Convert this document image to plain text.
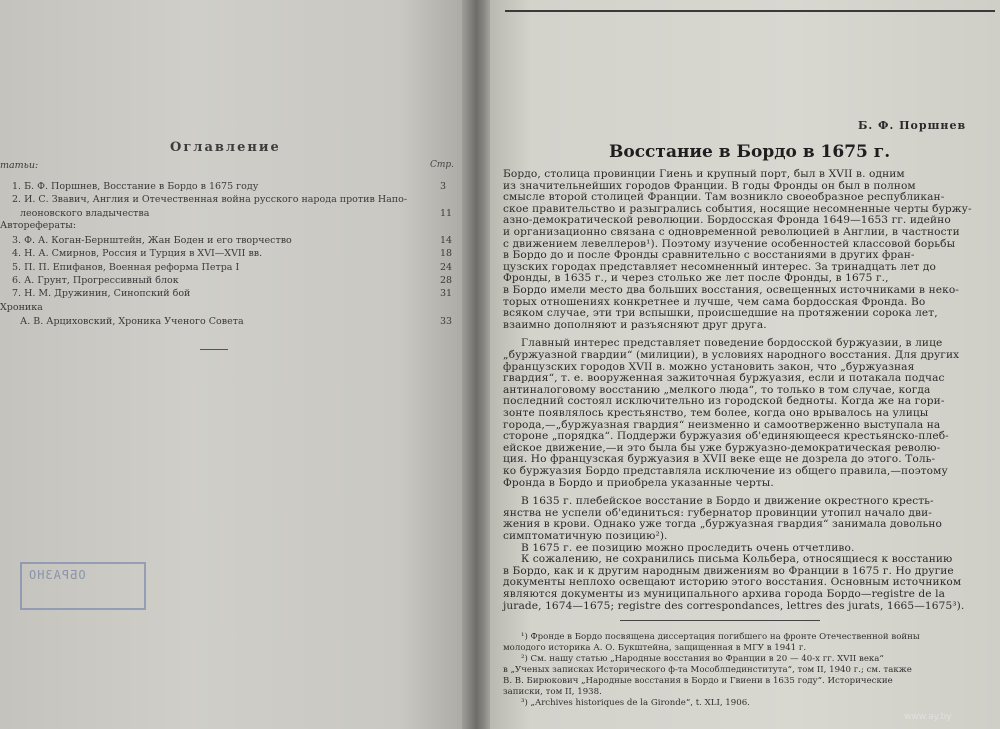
Оглавление
татьи:	Стр.
1. Б. Ф. Поршнев, Восстание в Бордо в 1675 году	3
2. И. С. Звавич, Англия и Отечественная война русского народа против Напо-
леоновского владычества	11
Авторефераты:
3. Ф. А. Коган-Бернштейн, Жан Боден и его творчество	14
4. Н. А. Смирнов, Россия и Турция в XVI—XVII вв.	18
5. П. П. Епифанов, Военная реформа Петра I	24
6. А. Грунт, Прогрессивный блок	28
7. Н. М. Дружинин, Синопский бой	31
Хроника
А. В. Арциховский, Хроника Ученого Совета	33
ОБРАЗНО
Б. Ф. Поршнев
Восстание в Бордо в 1675 г.
Бордо, столица провинции Гиень и крупный порт, был в XVII в. одним
из значительнейших городов Франции. В годы Фронды он был в полном
смысле второй столицей Франции. Там возникло своеобразное республикан-
ское правительство и разыгрались события, носящие несомненные черты буржу-
азно-демократической революции. Бордосская Фронда 1649—1653 гг. идейно
и организационно связана с одновременной революцией в Англии, в частности
с движением левеллеров¹). Поэтому изучение особенностей классовой борьбы
в Бордо до и после Фронды сравнительно с восстаниями в других фран-
цузских городах представляет несомненный интерес. За тринадцать лет до
Фронды, в 1635 г., и через столько же лет после Фронды, в 1675 г.,
в Бордо имели место два больших восстания, освещенных источниками в неко-
торых отношениях конкретнее и лучше, чем сама бордосская Фронда. Во
всяком случае, эти три вспышки, происшедшие на протяжении сорока лет,
взаимно дополняют и разъясняют друг друга.
Главный интерес представляет поведение бордосской буржуазии, в лице
„буржуазной гвардии“ (милиции), в условиях народного восстания. Для других
французских городов XVII в. можно установить закон, что „буржуазная
гвардия“, т. е. вооруженная зажиточная буржуазия, если и потакала подчас
антиналоговому восстанию „мелкого люда“, то только в том случае, когда
последний состоял исключительно из городской бедноты. Когда же на гори-
зонте появлялось крестьянство, тем более, когда оно врывалось на улицы
города,—„буржуазная гвардия“ неизменно и самоотверженно выступала на
стороне „порядка“. Поддержи буржуазия об'единяющееся крестьянско-плеб-
ейское движение,—и это была бы уже буржуазно-демократическая револю-
ция. Но французская буржуазия в XVII веке еще не дозрела до этого. Толь-
ко буржуазия Бордо представляла исключение из общего правила,—поэтому
Фронда в Бордо и приобрела указанные черты.
В 1635 г. плебейское восстание в Бордо и движение окрестного кресть-
янства не успели об'единиться: губернатор провинции утопил начало дви-
жения в крови. Однако уже тогда „буржуазная гвардия“ занимала довольно
симптоматичную позицию²).
В 1675 г. ее позицию можно проследить очень отчетливо.
К сожалению, не сохранились письма Кольбера, относящиеся к восстанию
в Бордо, как и к другим народным движениям во Франции в 1675 г. Но другие
документы неплохо освещают историю этого восстания. Основным источником
являются документы из муниципального архива города Бордо—registre de la
jurade, 1674—1675; registre des correspondances, lettres des jurats, 1665—1675³).
¹) Фронде в Бордо посвящена диссертация погибшего на фронте Отечественной войны
молодого историка А. О. Букштейна, защищенная в МГУ в 1941 г.
²) См. нашу статью „Народные восстания во Франции в 20 — 40-х гг. XVII века“
в „Ученых записках Исторического ф-та Мособлпединститута“, том II, 1940 г.; см. также
В. В. Бирюкович „Народные восстания в Бордо и Гвиени в 1635 году“. Исторические
записки, том II, 1938.
³) „Archives historiques de la Gironde“, t. XLI, 1906.
www.ay.by
